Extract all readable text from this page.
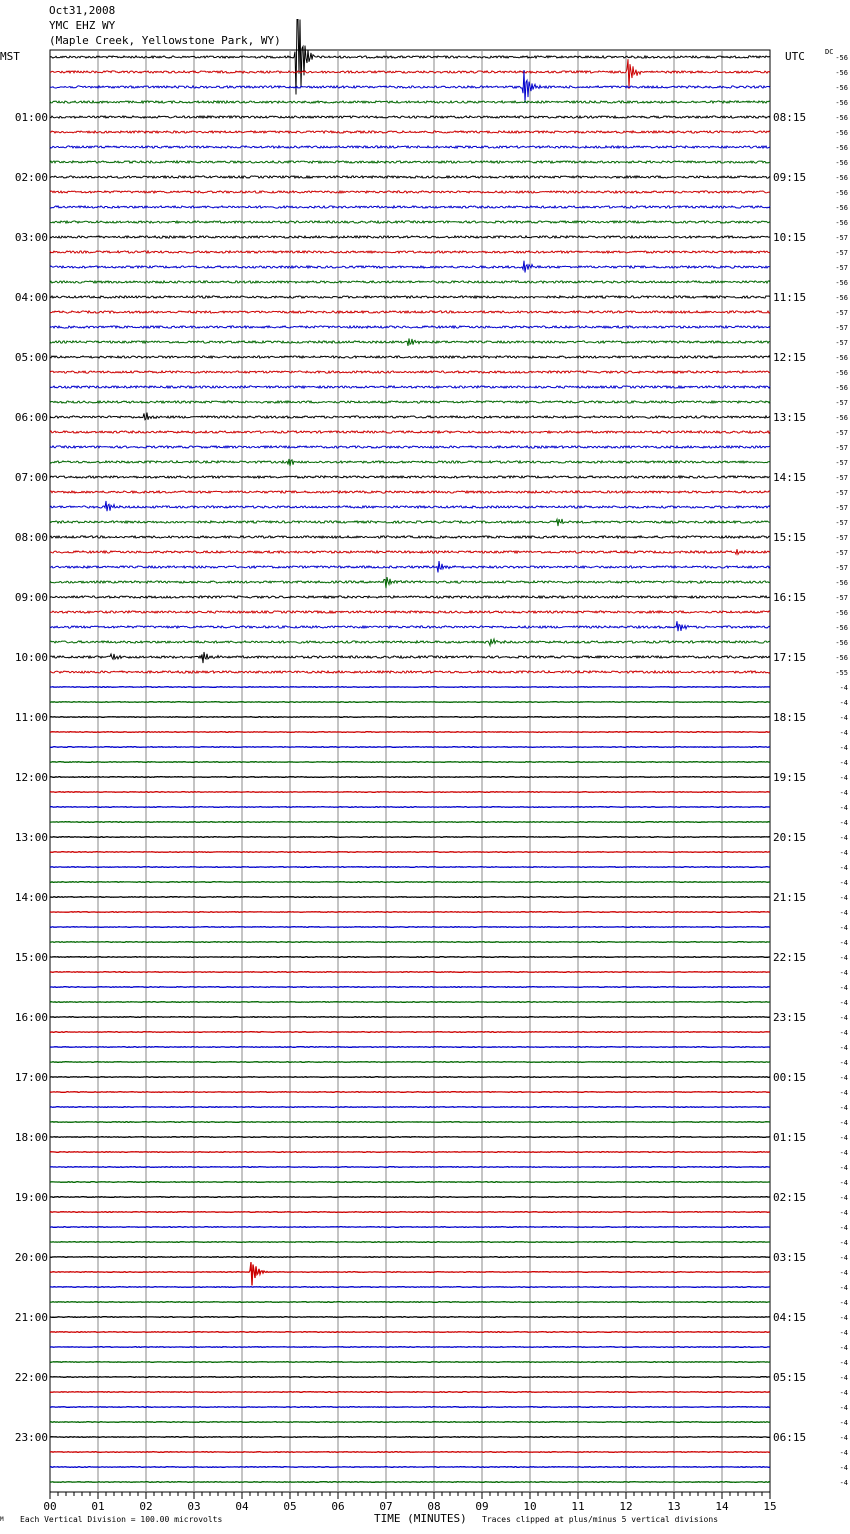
Oct31,2008
YMC EHZ WY
(Maple Creek, Yellowstone Park, WY)
MST	UTC	DC
-56
-56
-56
-56
-56
-56
-56
-56
-56
-56
-56
-56
-57
-57
-57
-56
-56
-57
-57
-57
-56
-56
-56
-57
-56
-57
-57
-57
-57
-57
-57
-57
-57
-57
-57
-56
-57
-56
-56
-56
-56
-55
-4
-4
-4
-4
-4
-4
-4
-4
-4
-4
-4
-4
-4
-4
-4
-4
-4
-4
-4
-4
-4
-4
-4
-4
-4
-4
-4
-4
-4
-4
-4
-4
-4
-4
-4
-4
-4
-4
-4
-4
-4
-4
-4
-4
-4
-4
-4
-4
-4
-4
-4
-4
-4
-4
01:00	08:15
02:00	09:15
03:00	10:15
04:00	11:15
05:00	12:15
06:00	13:15
07:00	14:15
08:00	15:15
09:00	16:15
10:00	17:15
11:00	18:15
12:00	19:15
13:00	20:15
14:00	21:15
15:00	22:15
16:00	23:15
17:00	00:15
18:00	01:15
19:00	02:15
20:00	03:15
21:00	04:15
22:00	05:15
23:00	06:15
00	01	02	03	04	05	06	07	08	09	10	11	12	13	14	15
M Each Vertical Division = 100.00 microvolts	TIME (MINUTES) Traces clipped at plus/minus 5 vertical divisions
